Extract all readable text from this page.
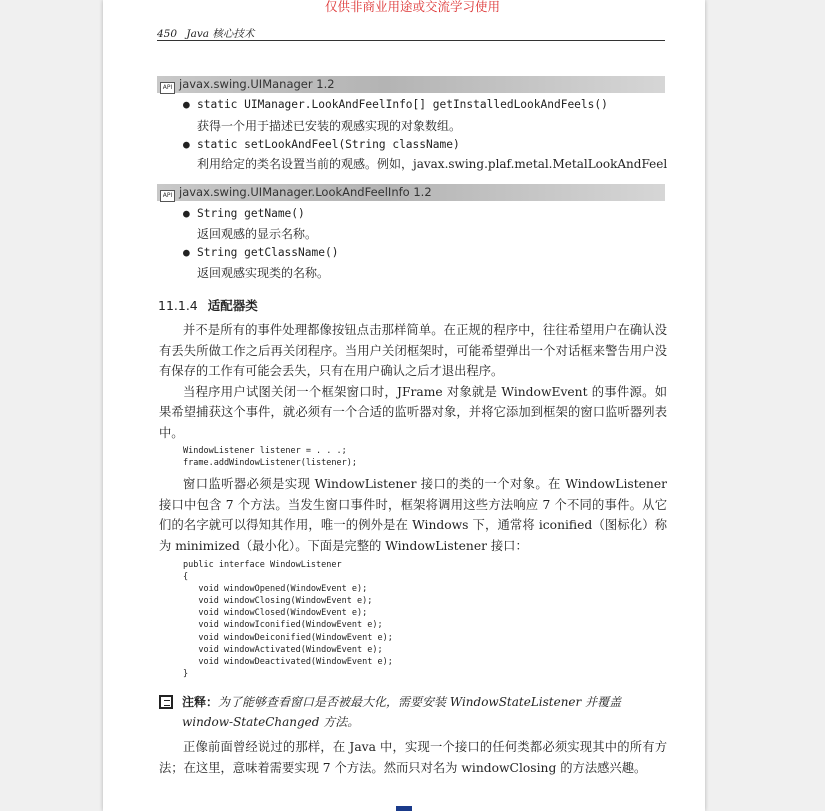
仅供非商业用途或交流学习使用
450 Java 核心技术
API javax.swing.UIManager 1.2
● static UIManager.LookAndFeelInfo[] getInstalledLookAndFeels()
获得一个用于描述已安装的观感实现的对象数组。
● static setLookAndFeel(String className)
利用给定的类名设置当前的观感。例如，javax.swing.plaf.metal.MetalLookAndFeel
API javax.swing.UIManager.LookAndFeelInfo 1.2
● String getName()
返回观感的显示名称。
● String getClassName()
返回观感实现类的名称。
11.1.4 适配器类

并不是所有的事件处理都像按钮点击那样简单。在正规的程序中，往往希望用户在确认没有丢失所做工作之后再关闭程序。当用户关闭框架时，可能希望弹出一个对话框来警告用户没有保存的工作有可能会丢失，只有在用户确认之后才退出程序。

当程序用户试图关闭一个框架窗口时，JFrame 对象就是 WindowEvent 的事件源。如果希望捕获这个事件，就必须有一个合适的监听器对象，并将它添加到框架的窗口监听器列表中。

WindowListener listener = . . .;
frame.addWindowListener(listener);

窗口监听器必须是实现 WindowListener 接口的类的一个对象。在 WindowListener 接口中包含 7 个方法。当发生窗口事件时，框架将调用这些方法响应 7 个不同的事件。从它们的名字就可以得知其作用，唯一的例外是在 Windows 下，通常将 iconified（图标化）称为 minimized（最小化）。下面是完整的 WindowListener 接口：

public interface WindowListener
{
void windowOpened(WindowEvent e);
void windowClosing(WindowEvent e);
void windowClosed(WindowEvent e);
void windowIconified(WindowEvent e);
void windowDeiconified(WindowEvent e);
void windowActivated(WindowEvent e);
void windowDeactivated(WindowEvent e);
}
注释：为了能够查看窗口是否被最大化，需要安装 WindowStateListener 并覆盖 window-StateChanged 方法。

正像前面曾经说过的那样，在 Java 中，实现一个接口的任何类都必须实现其中的所有方法；在这里，意味着需要实现 7 个方法。然而只对名为 windowClosing 的方法感兴趣。
